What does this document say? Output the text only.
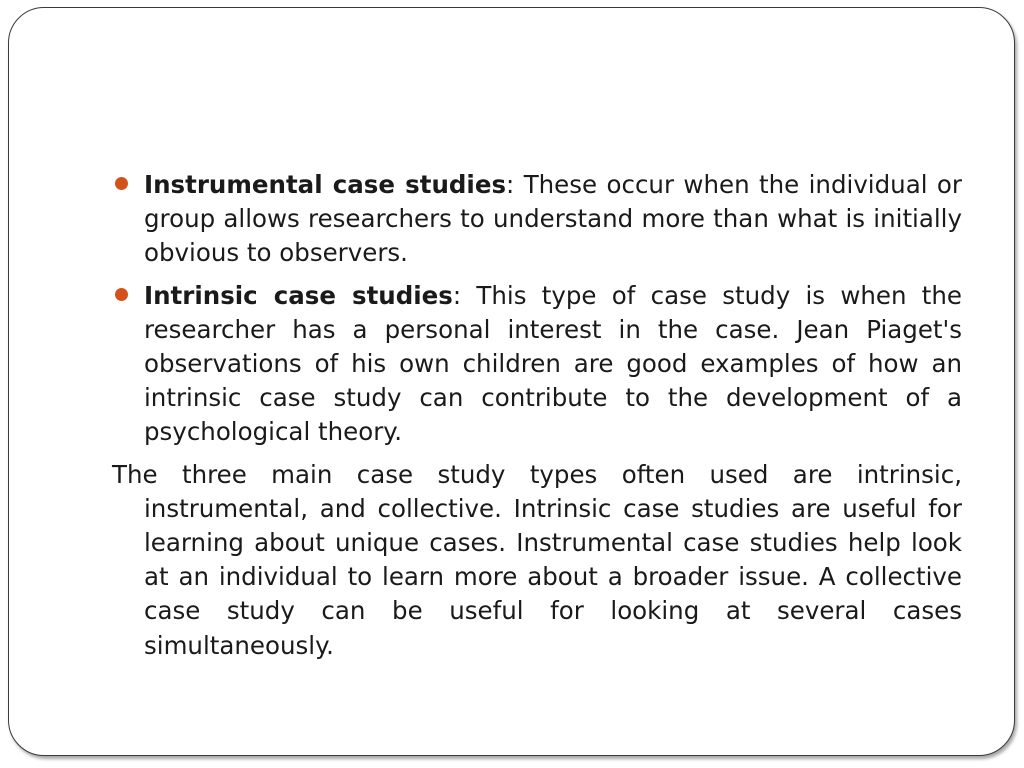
Instrumental case studies: These occur when the individual or group allows researchers to understand more than what is initially obvious to observers.
Intrinsic case studies: This type of case study is when the researcher has a personal interest in the case. Jean Piaget's observations of his own children are good examples of how an intrinsic case study can contribute to the development of a psychological theory.
The three main case study types often used are intrinsic, instrumental, and collective. Intrinsic case studies are useful for learning about unique cases. Instrumental case studies help look at an individual to learn more about a broader issue. A collective case study can be useful for looking at several cases simultaneously.
